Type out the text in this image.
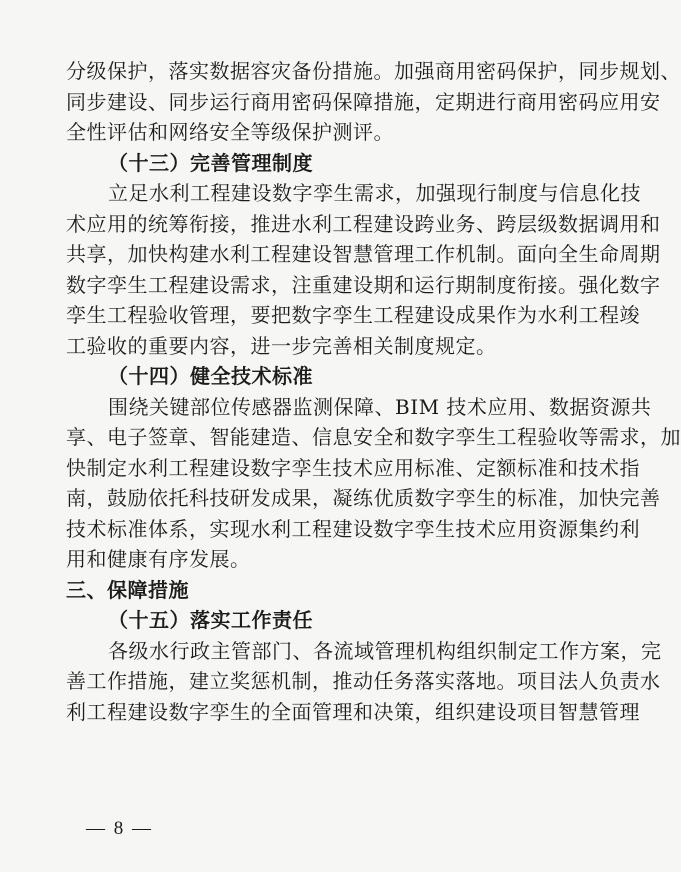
分级保护，落实数据容灾备份措施。加强商用密码保护，同步规划、
同步建设、同步运行商用密码保障措施，定期进行商用密码应用安
全性评估和网络安全等级保护测评。
（十三）完善管理制度
立足水利工程建设数字孪生需求，加强现行制度与信息化技
术应用的统筹衔接，推进水利工程建设跨业务、跨层级数据调用和
共享，加快构建水利工程建设智慧管理工作机制。面向全生命周期
数字孪生工程建设需求，注重建设期和运行期制度衔接。强化数字
孪生工程验收管理，要把数字孪生工程建设成果作为水利工程竣
工验收的重要内容，进一步完善相关制度规定。
（十四）健全技术标准
围绕关键部位传感器监测保障、BIM 技术应用、数据资源共
享、电子签章、智能建造、信息安全和数字孪生工程验收等需求，加
快制定水利工程建设数字孪生技术应用标准、定额标准和技术指
南，鼓励依托科技研发成果，凝练优质数字孪生的标准，加快完善
技术标准体系，实现水利工程建设数字孪生技术应用资源集约利
用和健康有序发展。
三、保障措施
（十五）落实工作责任
各级水行政主管部门、各流域管理机构组织制定工作方案，完
善工作措施，建立奖惩机制，推动任务落实落地。项目法人负责水
利工程建设数字孪生的全面管理和决策，组织建设项目智慧管理
— 8 —
